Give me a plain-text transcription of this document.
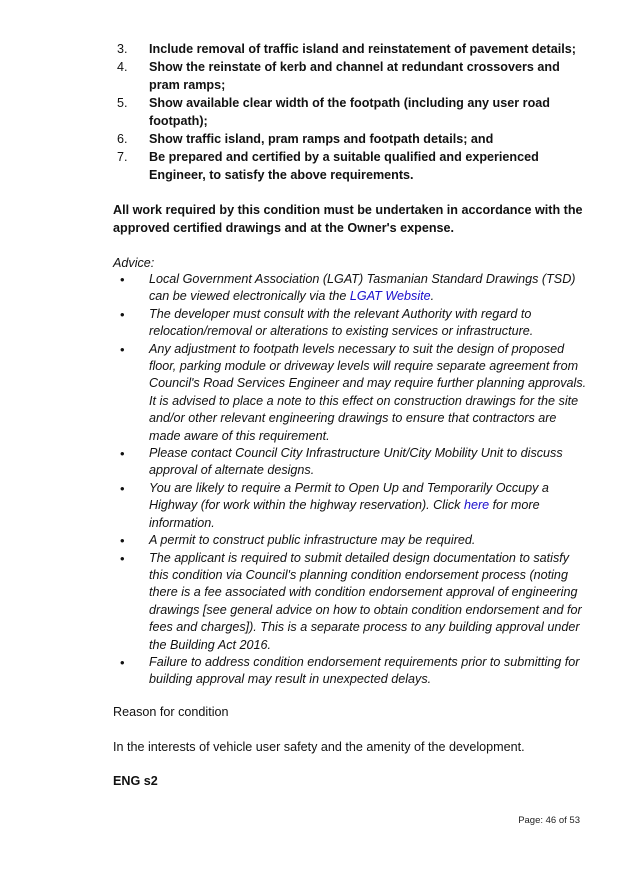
3. Include removal of traffic island and reinstatement of pavement details;
4. Show the reinstate of kerb and channel at redundant crossovers and pram ramps;
5. Show available clear width of the footpath (including any user road footpath);
6. Show traffic island, pram ramps and footpath details; and
7. Be prepared and certified by a suitable qualified and experienced Engineer, to satisfy the above requirements.

All work required by this condition must be undertaken in accordance with the approved certified drawings and at the Owner's expense.

Advice:

• Local Government Association (LGAT) Tasmanian Standard Drawings (TSD) can be viewed electronically via the LGAT Website.
• The developer must consult with the relevant Authority with regard to relocation/removal or alterations to existing services or infrastructure.
• Any adjustment to footpath levels necessary to suit the design of proposed floor, parking module or driveway levels will require separate agreement from Council's Road Services Engineer and may require further planning approvals. It is advised to place a note to this effect on construction drawings for the site and/or other relevant engineering drawings to ensure that contractors are made aware of this requirement.
• Please contact Council City Infrastructure Unit/City Mobility Unit to discuss approval of alternate designs.
• You are likely to require a Permit to Open Up and Temporarily Occupy a Highway (for work within the highway reservation). Click here for more information.
• A permit to construct public infrastructure may be required.
• The applicant is required to submit detailed design documentation to satisfy this condition via Council's planning condition endorsement process (noting there is a fee associated with condition endorsement approval of engineering drawings [see general advice on how to obtain condition endorsement and for fees and charges]). This is a separate process to any building approval under the Building Act 2016.
• Failure to address condition endorsement requirements prior to submitting for building approval may result in unexpected delays.

Reason for condition

In the interests of vehicle user safety and the amenity of the development.

ENG s2

Page: 46 of 53
